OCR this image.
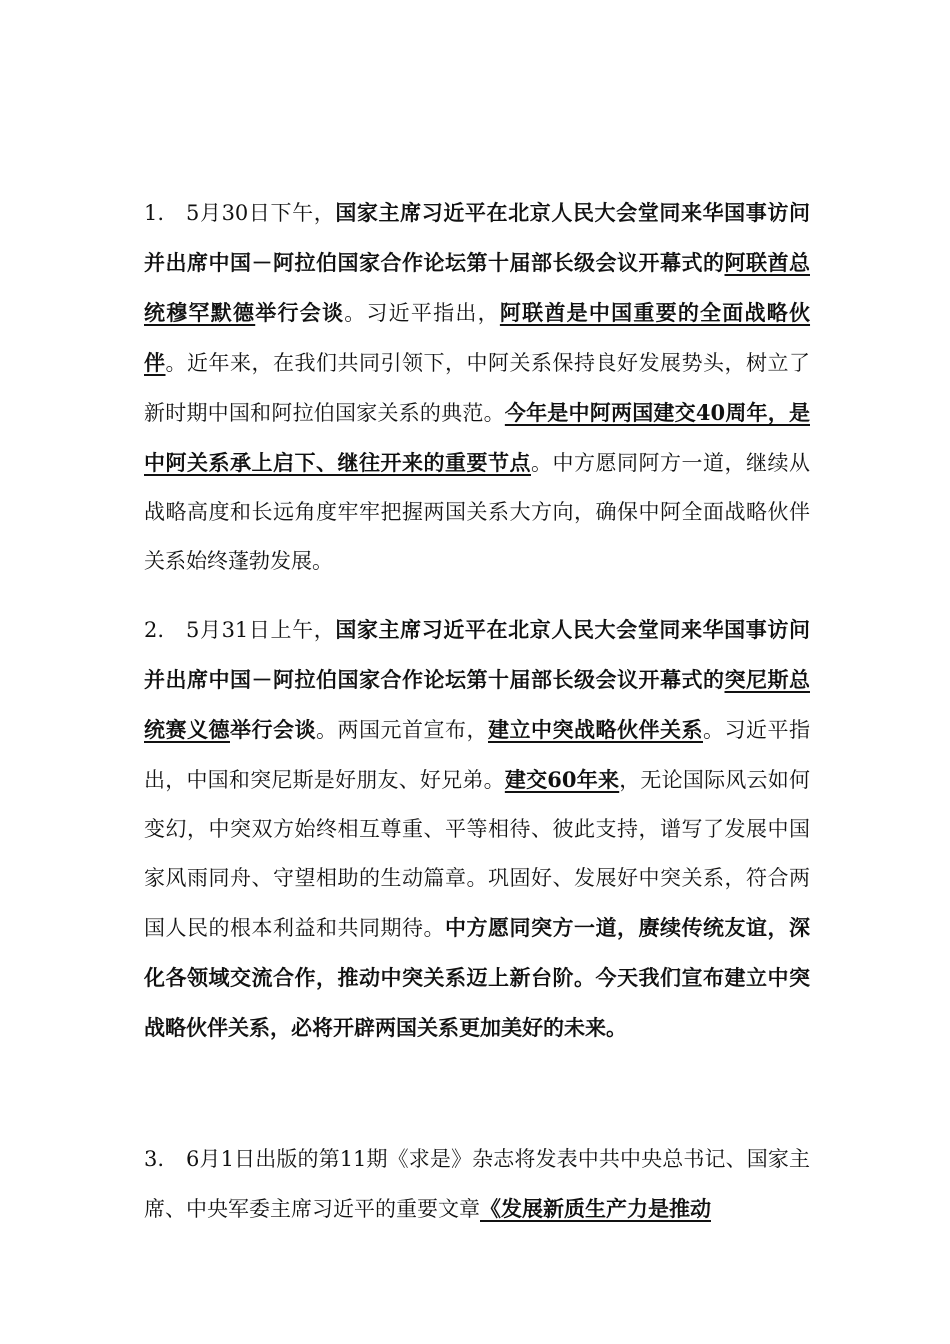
1. 5月30日下午，国家主席习近平在北京人民大会堂同来华国事访问并出席中国－阿拉伯国家合作论坛第十届部长级会议开幕式的阿联酋总统穆罕默德举行会谈。习近平指出，阿联酋是中国重要的全面战略伙伴。近年来，在我们共同引领下，中阿关系保持良好发展势头，树立了新时期中国和阿拉伯国家关系的典范。今年是中阿两国建交40周年，是中阿关系承上启下、继往开来的重要节点。中方愿同阿方一道，继续从战略高度和长远角度牢牢把握两国关系大方向，确保中阿全面战略伙伴关系始终蓬勃发展。

2. 5月31日上午，国家主席习近平在北京人民大会堂同来华国事访问并出席中国－阿拉伯国家合作论坛第十届部长级会议开幕式的突尼斯总统赛义德举行会谈。两国元首宣布，建立中突战略伙伴关系。习近平指出，中国和突尼斯是好朋友、好兄弟。建交60年来，无论国际风云如何变幻，中突双方始终相互尊重、平等相待、彼此支持，谱写了发展中国家风雨同舟、守望相助的生动篇章。巩固好、发展好中突关系，符合两国人民的根本利益和共同期待。中方愿同突方一道，赓续传统友谊，深化各领域交流合作，推动中突关系迈上新台阶。今天我们宣布建立中突战略伙伴关系，必将开辟两国关系更加美好的未来。

3. 6月1日出版的第11期《求是》杂志将发表中共中央总书记、国家主席、中央军委主席习近平的重要文章《发展新质生产力是推动
